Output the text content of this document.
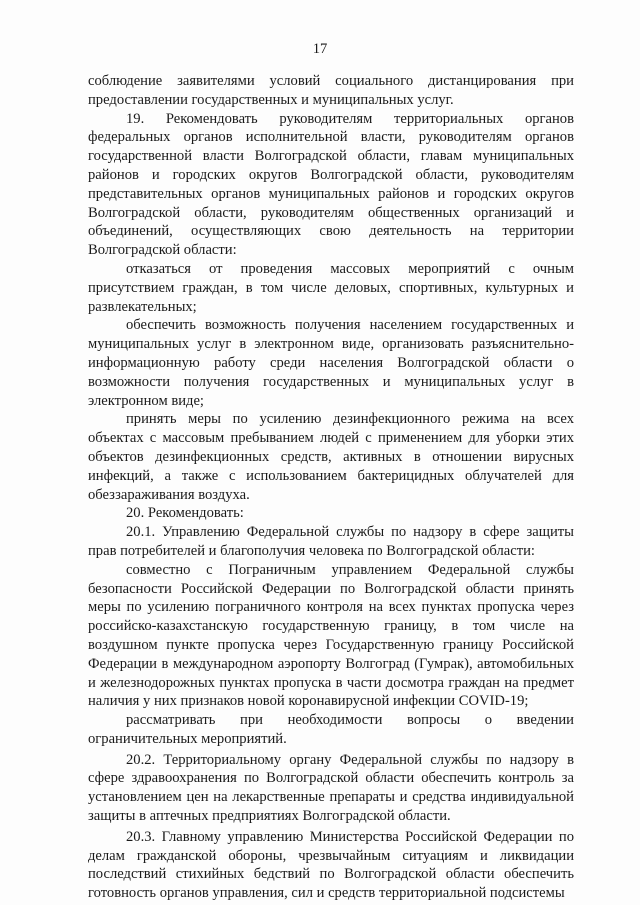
17

соблюдение заявителями условий социального дистанцирования при предоставлении государственных и муниципальных услуг.

19. Рекомендовать руководителям территориальных органов федеральных органов исполнительной власти, руководителям органов государственной власти Волгоградской области, главам муниципальных районов и городских округов Волгоградской области, руководителям представительных органов муниципальных районов и городских округов Волгоградской области, руководителям общественных организаций и объединений, осуществляющих свою деятельность на территории Волгоградской области:

отказаться от проведения массовых мероприятий с очным присутствием граждан, в том числе деловых, спортивных, культурных и развлекательных;

обеспечить возможность получения населением государственных и муниципальных услуг в электронном виде, организовать разъяснительно-информационную работу среди населения Волгоградской области о возможности получения государственных и муниципальных услуг в электронном виде;

принять меры по усилению дезинфекционного режима на всех объектах с массовым пребыванием людей с применением для уборки этих объектов дезинфекционных средств, активных в отношении вирусных инфекций, а также с использованием бактерицидных облучателей для обеззараживания воздуха.

20. Рекомендовать:

20.1. Управлению Федеральной службы по надзору в сфере защиты прав потребителей и благополучия человека по Волгоградской области:

совместно с Пограничным управлением Федеральной службы безопасности Российской Федерации по Волгоградской области принять меры по усилению пограничного контроля на всех пунктах пропуска через российско-казахстанскую государственную границу, в том числе на воздушном пункте пропуска через Государственную границу Российской Федерации в международном аэропорту Волгоград (Гумрак), автомобильных и железнодорожных пунктах пропуска в части досмотра граждан на предмет наличия у них признаков новой коронавирусной инфекции COVID-19;

рассматривать при необходимости вопросы о введении ограничительных мероприятий.

20.2. Территориальному органу Федеральной службы по надзору в сфере здравоохранения по Волгоградской области обеспечить контроль за установлением цен на лекарственные препараты и средства индивидуальной защиты в аптечных предприятиях Волгоградской области.

20.3. Главному управлению Министерства Российской Федерации по делам гражданской обороны, чрезвычайным ситуациям и ликвидации последствий стихийных бедствий по Волгоградской области обеспечить готовность органов управления, сил и средств территориальной подсистемы
